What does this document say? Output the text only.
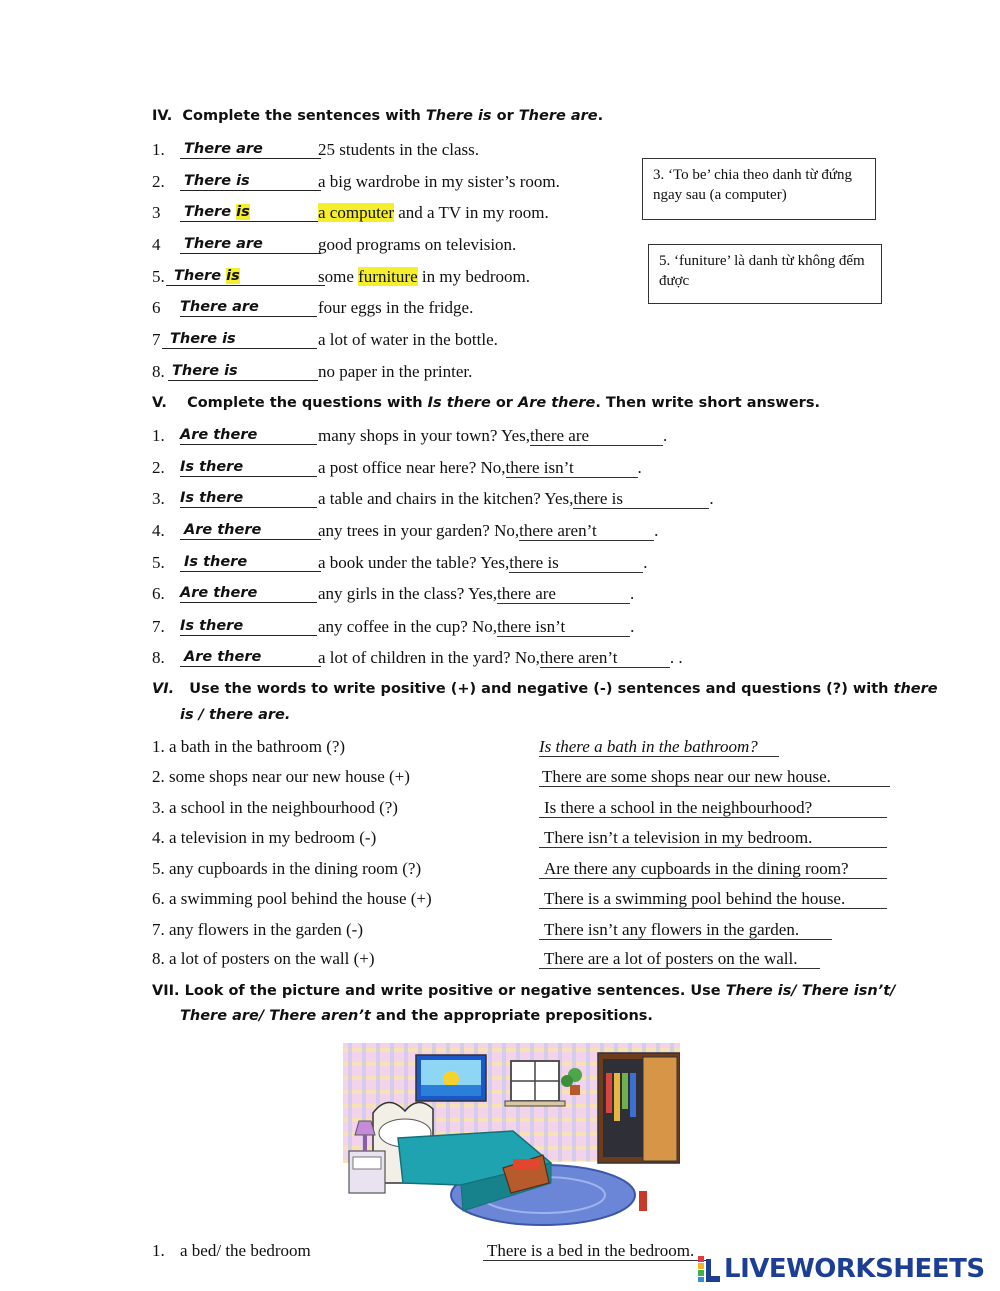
IV. Complete the sentences with There is or There are.
1. There are	25 students in the class.
2. There is	a big wardrobe in my sister’s room.
3 There is	a computer and a TV in my room.
4 There are	good programs on television.
5. There is	some furniture in my bedroom.
6 There are	four eggs in the fridge.
7 There is	a lot of water in the bottle.
8. There is	no paper in the printer.
3. ‘To be’ chia theo danh từ đứng ngay sau (a computer)
5. ‘funiture’ là danh từ không đếm được
V. Complete the questions with Is there or Are there. Then write short answers.
1. Are there	many shops in your town? Yes,there are	.
2. Is there	a post office near here? No,there isn’t	.
3. Is there	a table and chairs in the kitchen? Yes,there is	.
4. Are there	any trees in your garden? No,there aren’t	.
5. Is there	a book under the table? Yes,there is	.
6. Are there	any girls in the class? Yes,there are	.
7. Is there	any coffee in the cup? No,there isn’t	.
8. Are there	a lot of children in the yard? No,there aren’t	. .
VI. Use the words to write positive (+) and negative (-) sentences and questions (?) with there
is / there are.
1. a bath in the bathroom (?)	Is there a bath in the bathroom?
2. some shops near our new house (+)	There are some shops near our new house.
3. a school in the neighbourhood (?)	Is there a school in the neighbourhood?
4. a television in my bedroom (-)	There isn’t a television in my bedroom.
5. any cupboards in the dining room (?)	Are there any cupboards in the dining room?
6. a swimming pool behind the house (+)	There is a swimming pool behind the house.
7. any flowers in the garden (-)	There isn’t any flowers in the garden.
8. a lot of posters on the wall (+)	There are a lot of posters on the wall.
VII. Look of the picture and write positive or negative sentences. Use There is/ There isn’t/
There are/ There aren’t and the appropriate prepositions.
1. a bed/ the bedroom	There is a bed in the bedroom.
LIVEWORKSHEETS
